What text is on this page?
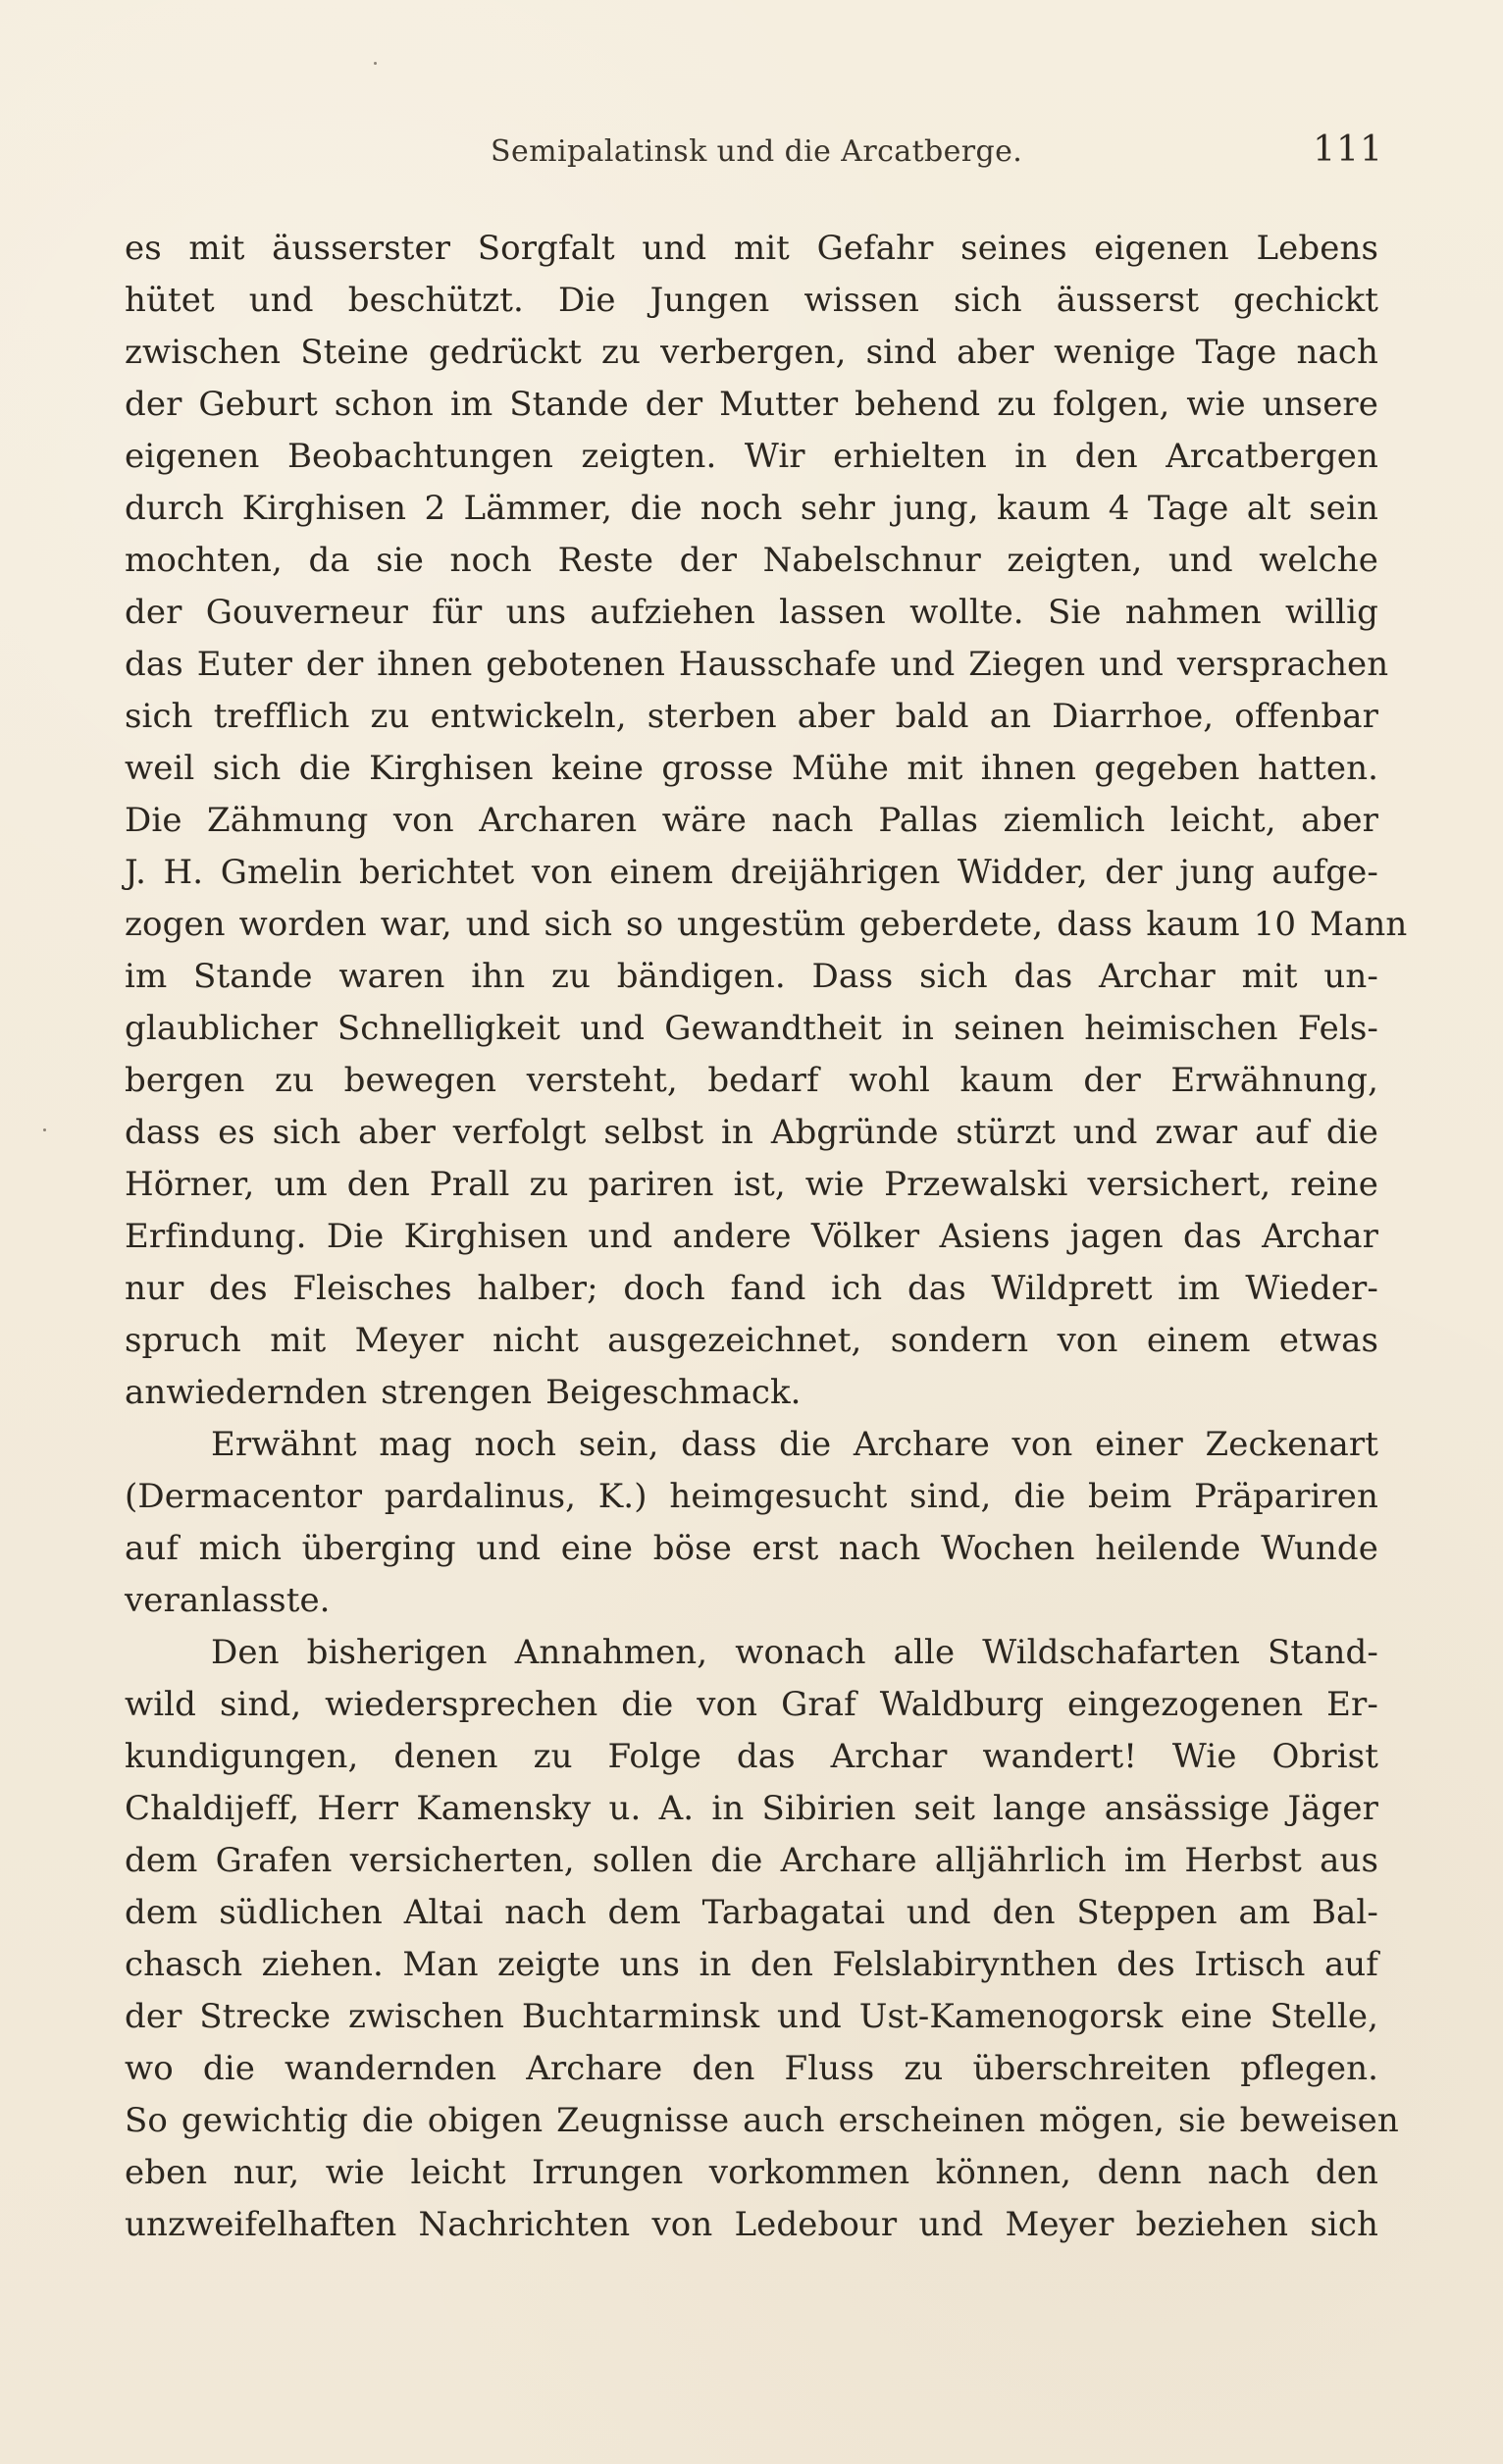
Semipalatinsk und die Arcatberge.	111
es mit äusserster Sorgfalt und mit Gefahr seines eigenen Lebens
hütet und beschützt. Die Jungen wissen sich äusserst gechickt
zwischen Steine gedrückt zu verbergen, sind aber wenige Tage nach
der Geburt schon im Stande der Mutter behend zu folgen, wie unsere
eigenen Beobachtungen zeigten. Wir erhielten in den Arcatbergen
durch Kirghisen 2 Lämmer, die noch sehr jung, kaum 4 Tage alt sein
mochten, da sie noch Reste der Nabelschnur zeigten, und welche
der Gouverneur für uns aufziehen lassen wollte. Sie nahmen willig
das Euter der ihnen gebotenen Hausschafe und Ziegen und versprachen
sich trefflich zu entwickeln, sterben aber bald an Diarrhoe, offenbar
weil sich die Kirghisen keine grosse Mühe mit ihnen gegeben hatten.
Die Zähmung von Archaren wäre nach Pallas ziemlich leicht, aber
J. H. Gmelin berichtet von einem dreijährigen Widder, der jung aufge-
zogen worden war, und sich so ungestüm geberdete, dass kaum 10 Mann
im Stande waren ihn zu bändigen. Dass sich das Archar mit un-
glaublicher Schnelligkeit und Gewandtheit in seinen heimischen Fels-
bergen zu bewegen versteht, bedarf wohl kaum der Erwähnung,
dass es sich aber verfolgt selbst in Abgründe stürzt und zwar auf die
Hörner, um den Prall zu pariren ist, wie Przewalski versichert, reine
Erfindung. Die Kirghisen und andere Völker Asiens jagen das Archar
nur des Fleisches halber; doch fand ich das Wildprett im Wieder-
spruch mit Meyer nicht ausgezeichnet, sondern von einem etwas
anwiedernden strengen Beigeschmack.
Erwähnt mag noch sein, dass die Archare von einer Zeckenart
(Dermacentor pardalinus, K.) heimgesucht sind, die beim Präpariren
auf mich überging und eine böse erst nach Wochen heilende Wunde
veranlasste.
Den bisherigen Annahmen, wonach alle Wildschafarten Stand-
wild sind, wiedersprechen die von Graf Waldburg eingezogenen Er-
kundigungen, denen zu Folge das Archar wandert! Wie Obrist
Chaldijeff, Herr Kamensky u. A. in Sibirien seit lange ansässige Jäger
dem Grafen versicherten, sollen die Archare alljährlich im Herbst aus
dem südlichen Altai nach dem Tarbagatai und den Steppen am Bal-
chasch ziehen. Man zeigte uns in den Felslabirynthen des Irtisch auf
der Strecke zwischen Buchtarminsk und Ust-Kamenogorsk eine Stelle,
wo die wandernden Archare den Fluss zu überschreiten pflegen.
So gewichtig die obigen Zeugnisse auch erscheinen mögen, sie beweisen
eben nur, wie leicht Irrungen vorkommen können, denn nach den
unzweifelhaften Nachrichten von Ledebour und Meyer beziehen sich
